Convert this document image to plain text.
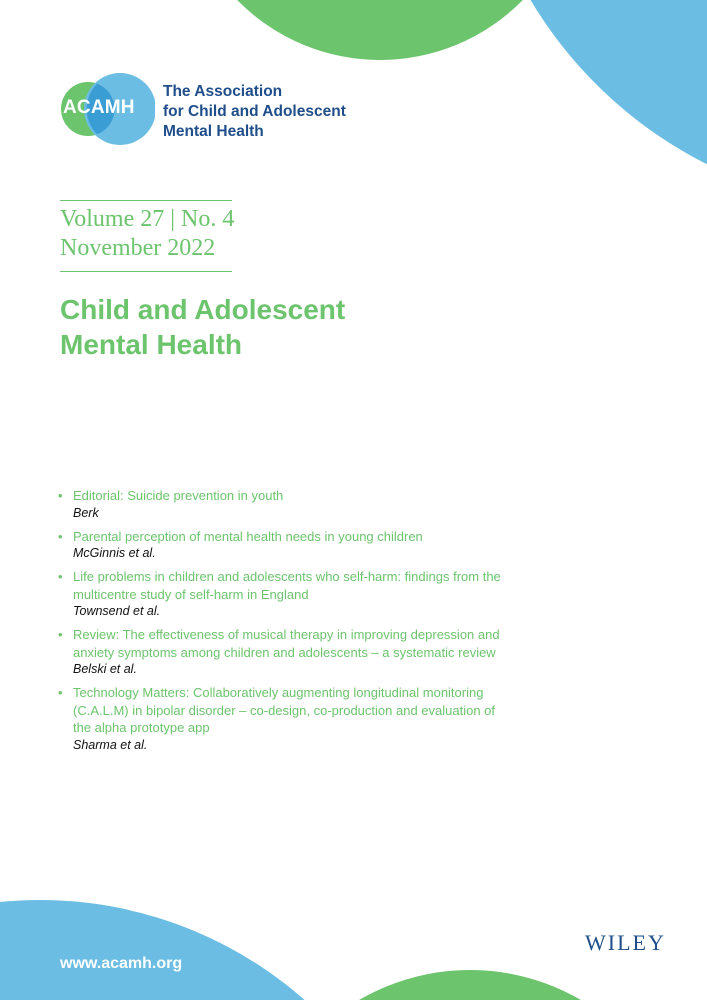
ACAMH
The Association
for Child and Adolescent
Mental Health
Volume 27 | No. 4
November 2022
Child and Adolescent
Mental Health
• Editorial: Suicide prevention in youth
Berk
• Parental perception of mental health needs in young children
McGinnis et al.
• Life problems in children and adolescents who self-harm: findings from the multicentre study of self-harm in England
Townsend et al.
• Review: The effectiveness of musical therapy in improving depression and anxiety symptoms among children and adolescents – a systematic review
Belski et al.
• Technology Matters: Collaboratively augmenting longitudinal monitoring (C.A.L.M) in bipolar disorder – co-design, co-production and evaluation of the alpha prototype app
Sharma et al.
WILEY
www.acamh.org
